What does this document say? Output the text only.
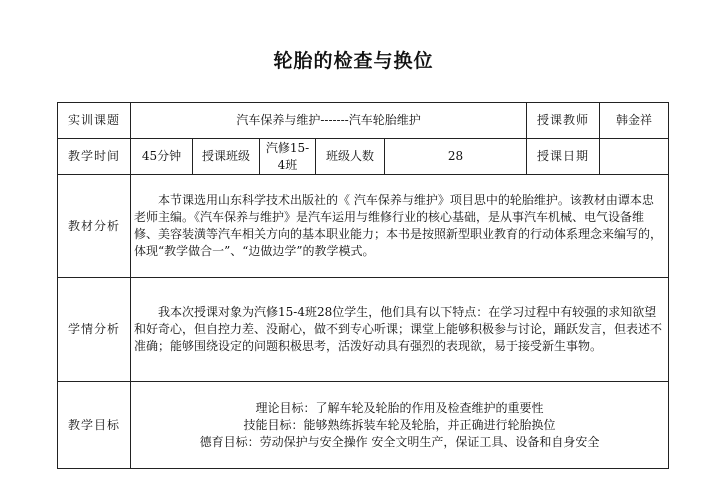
轮胎的检查与换位
实训课题	汽车保养与维护-------汽车轮胎维护					授课教师	韩金祥
教学时间	45分钟	授课班级	汽修15-4班	班级人数	28	授课日期	
教材分析	本节课选用山东科学技术出版社的《 汽车保养与维护》项目思中的轮胎维护。该教材由谭本忠老师主编。《汽车保养与维护》是汽车运用与维修行业的核心基础，是从事汽车机械、电气设备维修、美容装潢等汽车相关方向的基本职业能力；本书是按照新型职业教育的行动体系理念来编写的，体现“教学做合一”、“边做边学”的教学模式。						
学情分析	我本次授课对象为汽修15-4班28位学生，他们具有以下特点：在学习过程中有较强的求知欲望和好奇心，但自控力差、没耐心，做不到专心听课；课堂上能够积极参与讨论，踊跃发言，但表述不准确；能够围绕设定的问题积极思考，活泼好动具有强烈的表现欲，易于接受新生事物。						
教学目标	理论目标：了解车轮及轮胎的作用及检查维护的重要性
技能目标：能够熟练拆装车轮及轮胎，并正确进行轮胎换位
德育目标：劳动保护与安全操作 安全文明生产，保证工具、设备和自身安全						
